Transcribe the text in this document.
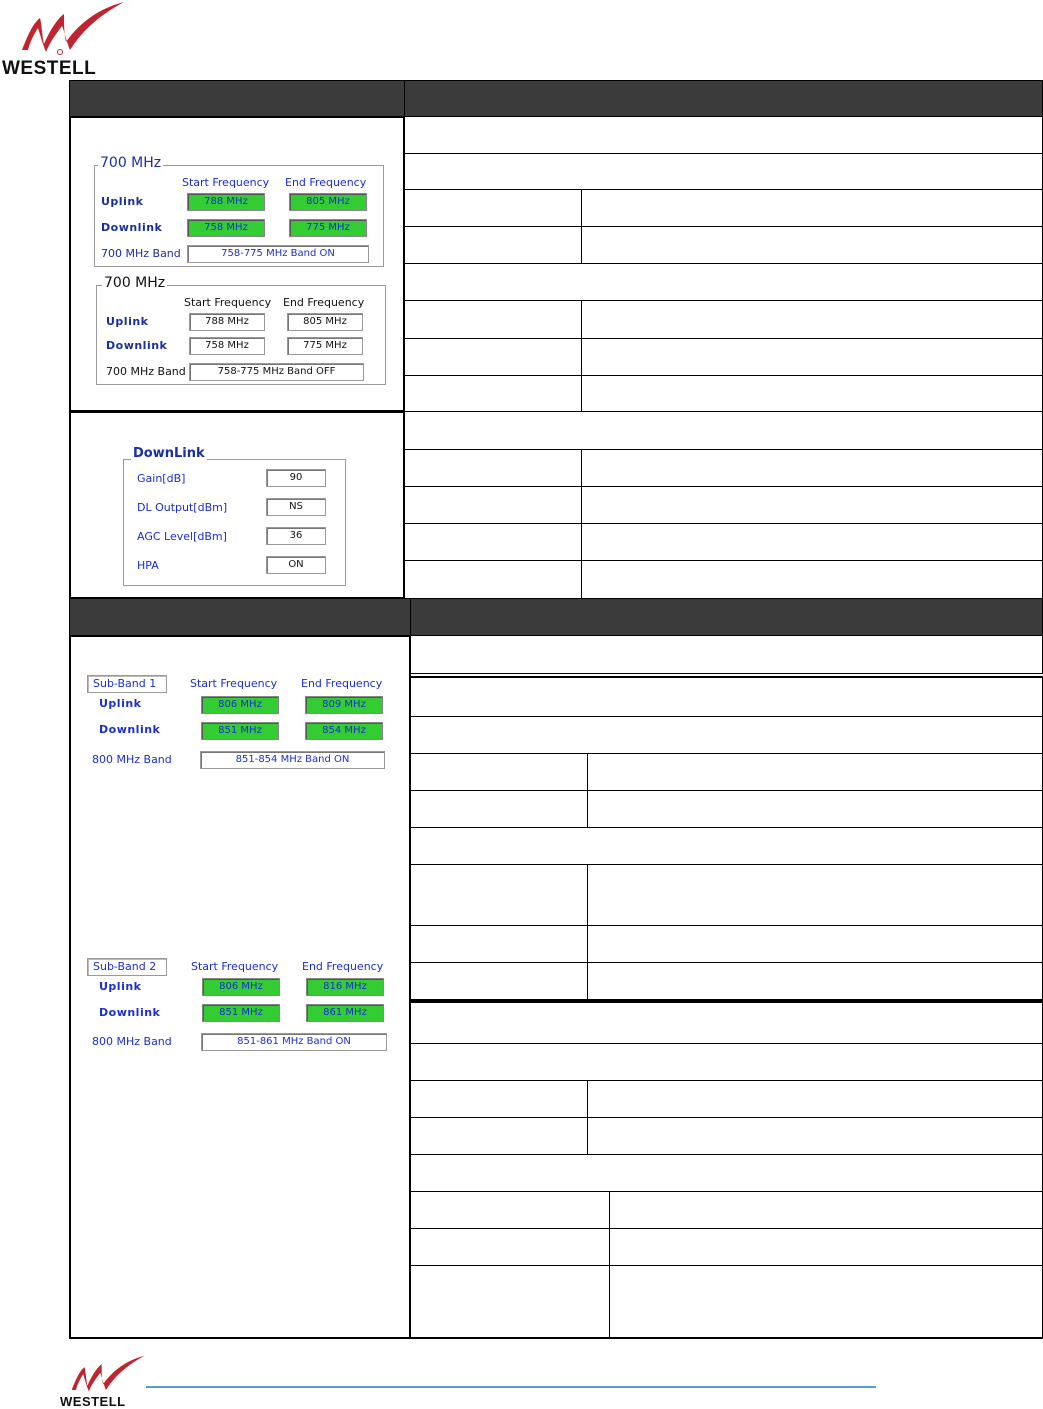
WESTELL
700 MHz
Start Frequency End Frequency
Uplink	788 MHz	805 MHz
Downlink	758 MHz	775 MHz
700 MHz Band	758-775 MHz Band ON
700 MHz
Start Frequency End Frequency
Uplink	788 MHz	805 MHz
Downlink	758 MHz	775 MHz
700 MHz Band	758-775 MHz Band OFF
DownLink
Gain[dB]	90
DL Output[dBm]	NS
AGC Level[dBm]	36
HPA	ON
Sub-Band 1	Start Frequency End Frequency
Uplink	806 MHz	809 MHz
Downlink	851 MHz	854 MHz
800 MHz Band	851-854 MHz Band ON
Sub-Band 2	Start Frequency End Frequency
Uplink	806 MHz	816 MHz
Downlink	851 MHz	861 MHz
800 MHz Band	851-861 MHz Band ON
WESTELL
